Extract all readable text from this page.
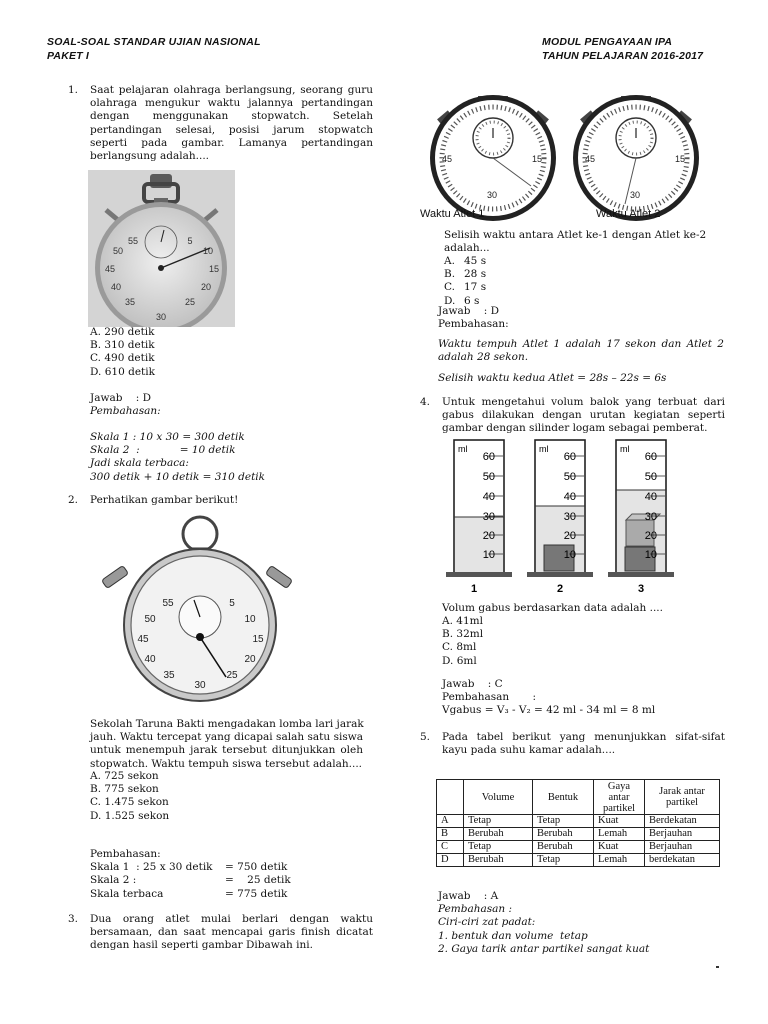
SOAL-SOAL STANDAR UJIAN NASIONAL
PAKET I
MODUL PENGAYAAN IPA
TAHUN PELAJARAN 2016-2017
1. Saat pelajaran olahraga berlangsung, seorang guru
olahraga mengukur waktu jalannya pertandingan
dengan menggunakan stopwatch. Setelah
pertandingan selesai, posisi jarum stopwatch
seperti pada gambar. Lamanya pertandingan
berlangsung adalah....
55	5
50	10
45	15
40	20
35	25
30
A. 290 detik
B. 310 detik
C. 490 detik
D. 610 detik
Jawab    : D
Pembahasan:
Skala 1 : 10 x 30 = 300 detik
Skala 2  :            = 10 detik
Jadi skala terbaca:
300 detik + 10 detik = 310 detik
2. Perhatikan gambar berikut!
55	5
50	10
45	15
40	20
35	25
30
Sekolah Taruna Bakti mengadakan lomba lari jarak
jauh. Waktu tercepat yang dicapai salah satu siswa
untuk menempuh jarak tersebut ditunjukkan oleh
stopwatch. Waktu tempuh siswa tersebut adalah....
A. 725 sekon
B. 775 sekon
C. 1.475 sekon
D. 1.525 sekon
Pembahasan:
Skala 1  : 25 x 30 detik	= 750 detik
Skala 2 :	=    25 detik
Skala terbaca	= 775 detik
3. Dua orang atlet mulai berlari dengan waktu
bersamaan, dan saat mencapai garis finish dicatat
dengan hasil seperti gambar Dibawah ini.
45	15
30
45	15
30
Waktu Atlet 1	Waktu Atlet 2
Selisih waktu antara Atlet ke-1 dengan Atlet ke-2
adalah...
A. 45 s
B. 28 s
C. 17 s
D. 6 s
Jawab    : D
Pembahasan:
Waktu tempuh Atlet 1 adalah 17 sekon dan Atlet 2
adalah 28 sekon.
Selisih waktu kedua Atlet = 28s – 22s = 6s
4. Untuk mengetahui volum balok yang terbuat dari
gabus dilakukan dengan urutan kegiatan seperti
gambar dengan silinder logam sebagai pemberat.
ml
60
50
40
30
20
10
1
ml
60
50
40
30
20
10
2
ml
60
50
40
30
20
10
3
Volum gabus berdasarkan data adalah ....
A. 41ml
B. 32ml
C. 8ml
D. 6ml
Jawab    : C
Pembahasan       :
Vgabus = V₃ - V₂ = 42 ml - 34 ml = 8 ml
5. Pada tabel berikut yang menunjukkan sifat-sifat
kayu pada suhu kamar adalah....
	Volume	Bentuk	Gaya antar partikel	Jarak antar partikel
A	Tetap	Tetap	Kuat	Berdekatan
B	Berubah	Berubah	Lemah	Berjauhan
C	Tetap	Berubah	Kuat	Berjauhan
D	Berubah	Tetap	Lemah	berdekatan
Jawab    : A
Pembahasan :
Ciri-ciri zat padat:
1. bentuk dan volume  tetap
2. Gaya tarik antar partikel sangat kuat
